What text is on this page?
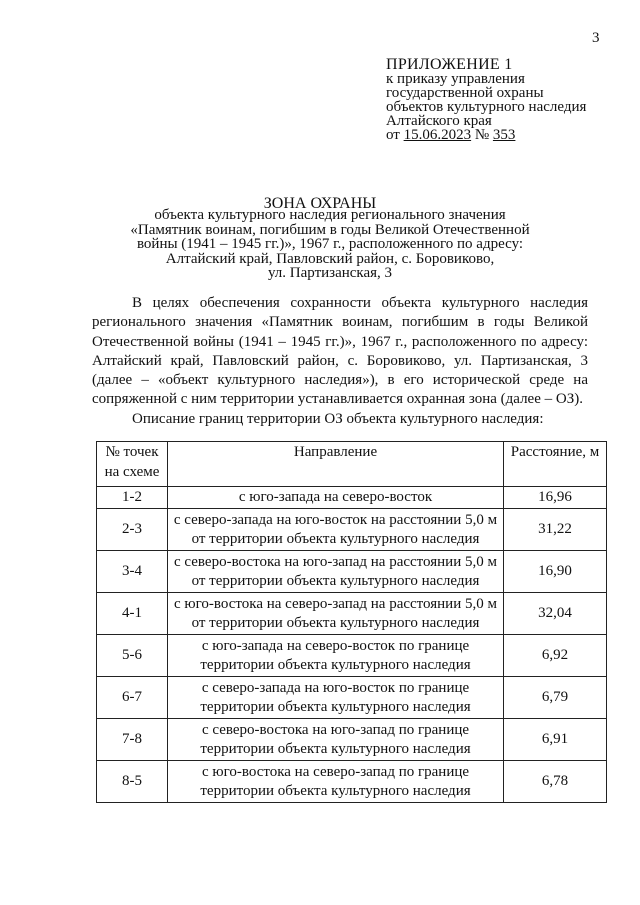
3
ПРИЛОЖЕНИЕ 1
к приказу управления
государственной охраны
объектов культурного наследия
Алтайского края
от 15.06.2023 № 353
ЗОНА ОХРАНЫ
объекта культурного наследия регионального значения
«Памятник воинам, погибшим в годы Великой Отечественной
войны (1941 – 1945 гг.)», 1967 г., расположенного по адресу:
Алтайский край, Павловский район, с. Боровиково,
ул. Партизанская, 3

В целях обеспечения сохранности объекта культурного наследия регионального значения «Памятник воинам, погибшим в годы Великой Отечественной войны (1941 – 1945 гг.)», 1967 г., расположенного по адресу: Алтайский край, Павловский район, с. Боровиково, ул. Партизанская, 3 (далее – «объект культурного наследия»), в его исторической среде на сопряженной с ним территории устанавливается охранная зона (далее – ОЗ).

Описание границ территории ОЗ объекта культурного наследия:
№ точек на схеме	Направление	Расстояние, м
1-2	с юго-запада на северо-восток	16,96
2-3	с северо-запада на юго-восток на расстоянии 5,0 м от территории объекта культурного наследия	31,22
3-4	с северо-востока на юго-запад на расстоянии 5,0 м от территории объекта культурного наследия	16,90
4-1	с юго-востока на северо-запад на расстоянии 5,0 м от территории объекта культурного наследия	32,04
5-6	с юго-запада на северо-восток по границе территории объекта культурного наследия	6,92
6-7	с северо-запада на юго-восток по границе территории объекта культурного наследия	6,79
7-8	с северо-востока на юго-запад по границе территории объекта культурного наследия	6,91
8-5	с юго-востока на северо-запад по границе территории объекта культурного наследия	6,78
